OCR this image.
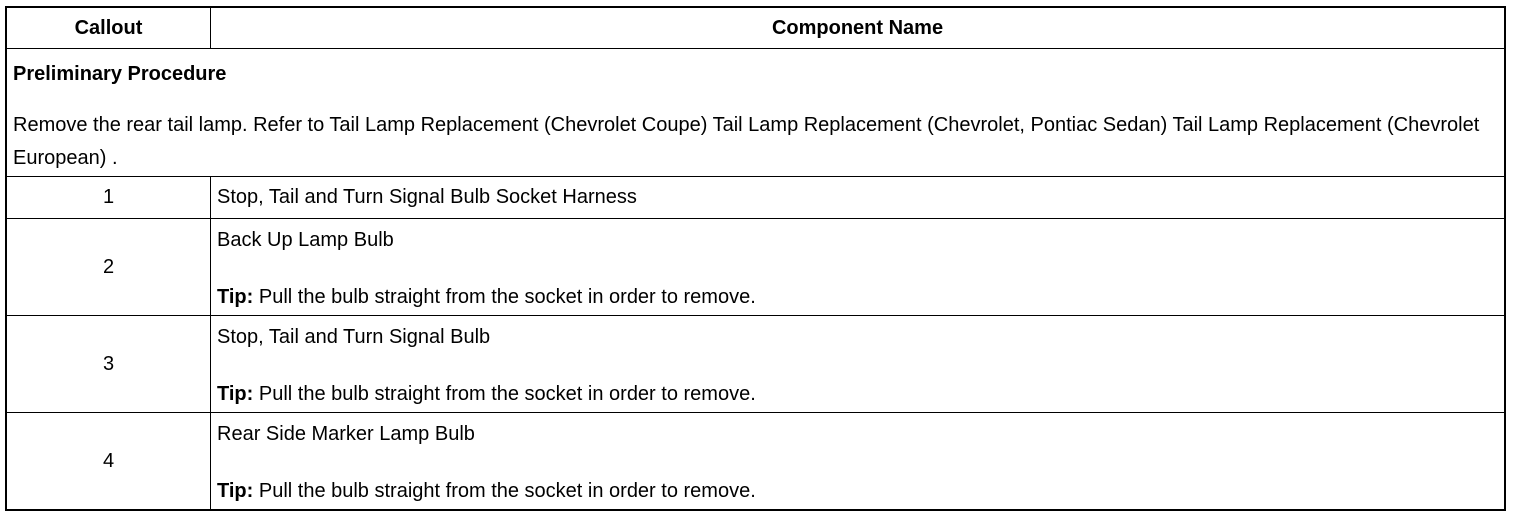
Callout	Component Name
Preliminary Procedure
Remove the rear tail lamp. Refer to Tail Lamp Replacement (Chevrolet Coupe) Tail Lamp Replacement (Chevrolet, Pontiac Sedan) Tail Lamp Replacement (Chevrolet European) .
1	Stop, Tail and Turn Signal Bulb Socket Harness
2
Back Up Lamp Bulb
Tip: Pull the bulb straight from the socket in order to remove.
3
Stop, Tail and Turn Signal Bulb
Tip: Pull the bulb straight from the socket in order to remove.
4
Rear Side Marker Lamp Bulb
Tip: Pull the bulb straight from the socket in order to remove.
